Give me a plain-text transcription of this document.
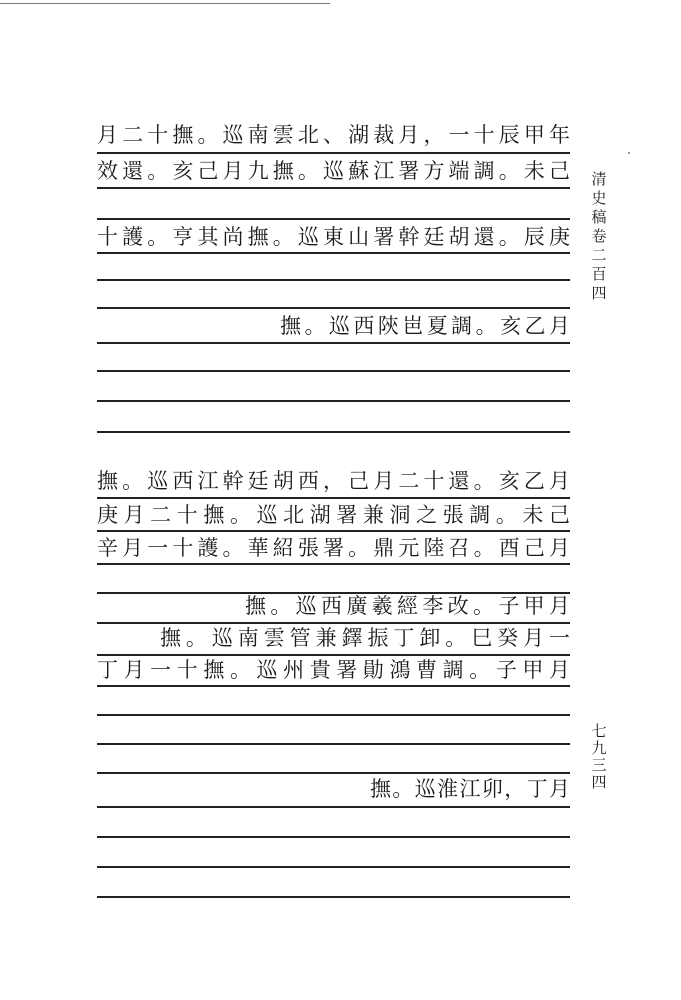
月二十撫。巡南雲北、湖裁月，一十辰甲年
效還。亥己月九撫。巡蘇江署方端調。未己
十護。亨其尚撫。巡東山署幹廷胡還。辰庚
撫。巡西陝岜夏調。亥乙月
撫。巡西江幹廷胡西，己月二十還。亥乙月
庚月二十撫。巡北湖署兼洞之張調。未己
辛月一十護。華紹張署。鼎元陸召。酉己月
撫。巡西廣羲經李改。子甲月
撫。巡南雲管兼鐸振丁卸。巳癸月一
丁月一十撫。巡州貴署勛鴻曹調。子甲月
撫。巡淮江卯，丁月
清史稿卷二百四
七九三四
